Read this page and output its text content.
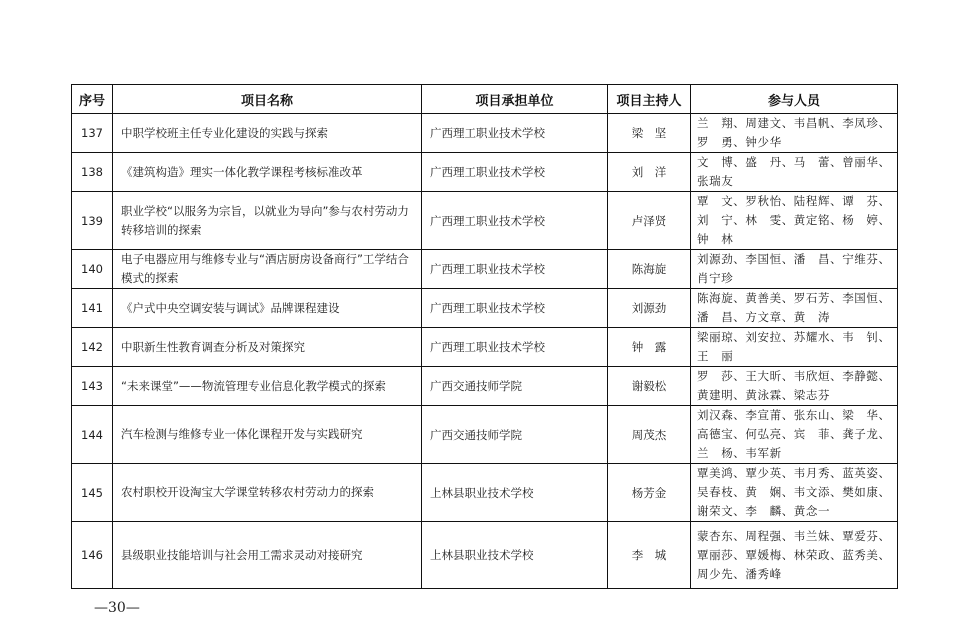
序号	项目名称	项目承担单位	项目主持人	参与人员
137	中职学校班主任专业化建设的实践与探索	广西理工职业技术学校	梁　坚	兰　翔、周建文、韦昌帆、李凤珍、
罗　勇、钟少华

138	《建筑构造》理实一体化教学课程考核标准改革	广西理工职业技术学校	刘　洋	文　博、盛　丹、马　蕾、曾丽华、
张瑞友

139	职业学校“以服务为宗旨，以就业为导向”参与农村劳动力转移培训的探索	广西理工职业技术学校	卢泽贤	覃　文、罗秋怡、陆程辉、谭　芬、
刘　宁、林　雯、黄定铭、杨　婷、
钟　林

140	电子电器应用与维修专业与“酒店厨房设备商行”工学结合模式的探索	广西理工职业技术学校	陈海旋	刘源劲、李国恒、潘　昌、宁维芬、
肖宁珍

141	《户式中央空调安装与调试》品牌课程建设	广西理工职业技术学校	刘源劲	陈海旋、黄善美、罗石芳、李国恒、
潘　昌、方文章、黄　涛

142	中职新生性教育调查分析及对策探究	广西理工职业技术学校	钟　露	梁丽琼、刘安拉、苏耀水、韦　钊、
王　丽

143	“未来课堂”——物流管理专业信息化教学模式的探索	广西交通技师学院	谢毅松	罗　莎、王大昕、韦欣烜、李静懿、
黄建明、黄泳霖、梁志芬

144	汽车检测与维修专业一体化课程开发与实践研究	广西交通技师学院	周茂杰	刘汉森、李宣莆、张东山、梁　华、
高德宝、何弘亮、宾　菲、龚子龙、
兰　杨、韦军新

145	农村职校开设淘宝大学课堂转移农村劳动力的探索	上林县职业技术学校	杨芳金	覃美鸿、覃少英、韦月秀、蓝英姿、
吴春枝、黄　娴、韦文添、樊如康、
谢荣文、李　麟、黄念一

146	县级职业技能培训与社会用工需求灵动对接研究	上林县职业技术学校	李　城	蒙杏东、周程强、韦兰妹、覃爱芬、
覃丽莎、覃媛梅、林荣政、蓝秀美、
周少先、潘秀峰
—30—
